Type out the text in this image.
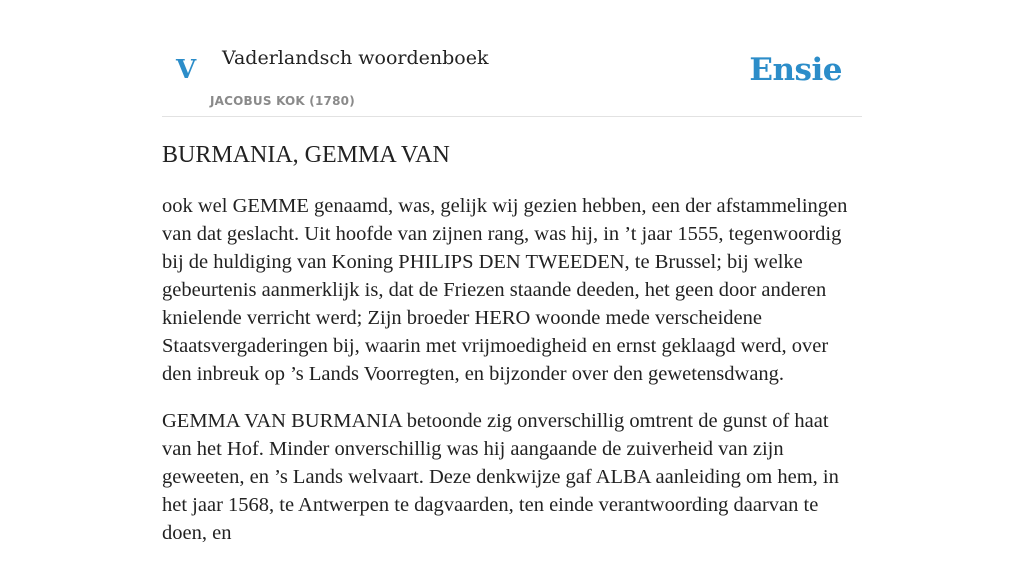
V Vaderlandsch woordenboek
JACOBUS KOK (1780)
Ensie
BURMANIA, GEMMA VAN

ook wel GEMME genaamd, was, gelijk wij gezien hebben, een der afstammelingen van dat geslacht. Uit hoofde van zijnen rang, was hij, in ’t jaar 1555, tegenwoordig bij de huldiging van Koning PHILIPS DEN TWEEDEN, te Brussel; bij welke gebeurtenis aanmerklijk is, dat de Friezen staande deeden, het geen door anderen knielende verricht werd; Zijn broeder HERO woonde mede verscheidene Staatsvergaderingen bij, waarin met vrijmoedigheid en ernst geklaagd werd, over den inbreuk op ’s Lands Voorregten, en bijzonder over den gewetensdwang.

GEMMA VAN BURMANIA betoonde zig onverschillig omtrent de gunst of haat van het Hof. Minder onverschillig was hij aangaande de zuiverheid van zijn geweeten, en ’s Lands welvaart. Deze denkwijze gaf ALBA aanleiding om hem, in het jaar 1568, te Antwerpen te dagvaarden, ten einde verantwoording daarvan te doen, en
